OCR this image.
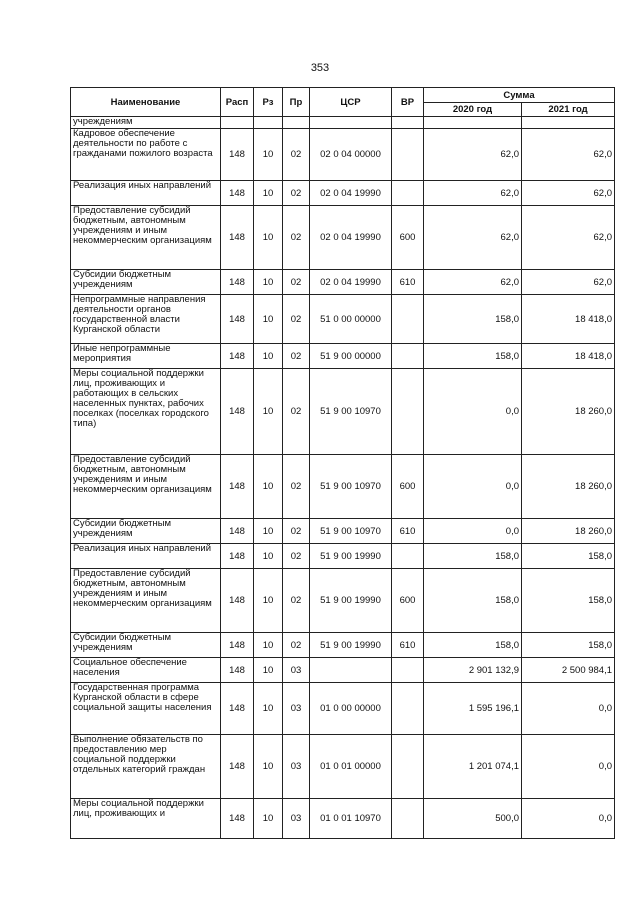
353
Наименование	Расп	Рз	Пр	ЦСР	ВР	Сумма	
						2020 год	2021 год
учреждениям							
Кадровое обеспечение деятельности по работе с гражданами пожилого возраста	148	10	02	02 0 04 00000		62,0	62,0
Реализация иных направлений	148	10	02	02 0 04 19990		62,0	62,0
Предоставление субсидий бюджетным, автономным учреждениям и иным некоммерческим организациям	148	10	02	02 0 04 19990	600	62,0	62,0
Субсидии бюджетным учреждениям	148	10	02	02 0 04 19990	610	62,0	62,0
Непрограммные направления деятельности органов государственной власти Курганской области	148	10	02	51 0 00 00000		158,0	18 418,0
Иные непрограммные мероприятия	148	10	02	51 9 00 00000		158,0	18 418,0
Меры социальной поддержки лиц, проживающих и работающих в сельских населенных пунктах, рабочих поселках (поселках городского типа)	148	10	02	51 9 00 10970		0,0	18 260,0
Предоставление субсидий бюджетным, автономным учреждениям и иным некоммерческим организациям	148	10	02	51 9 00 10970	600	0,0	18 260,0
Субсидии бюджетным учреждениям	148	10	02	51 9 00 10970	610	0,0	18 260,0
Реализация иных направлений	148	10	02	51 9 00 19990		158,0	158,0
Предоставление субсидий бюджетным, автономным учреждениям и иным некоммерческим организациям	148	10	02	51 9 00 19990	600	158,0	158,0
Субсидии бюджетным учреждениям	148	10	02	51 9 00 19990	610	158,0	158,0
Социальное обеспечение населения	148	10	03			2 901 132,9	2 500 984,1
Государственная программа Курганской области в сфере социальной защиты населения	148	10	03	01 0 00 00000		1 595 196,1	0,0
Выполнение обязательств по предоставлению мер социальной поддержки отдельных категорий граждан	148	10	03	01 0 01 00000		1 201 074,1	0,0
Меры социальной поддержки лиц, проживающих и	148	10	03	01 0 01 10970		500,0	0,0
